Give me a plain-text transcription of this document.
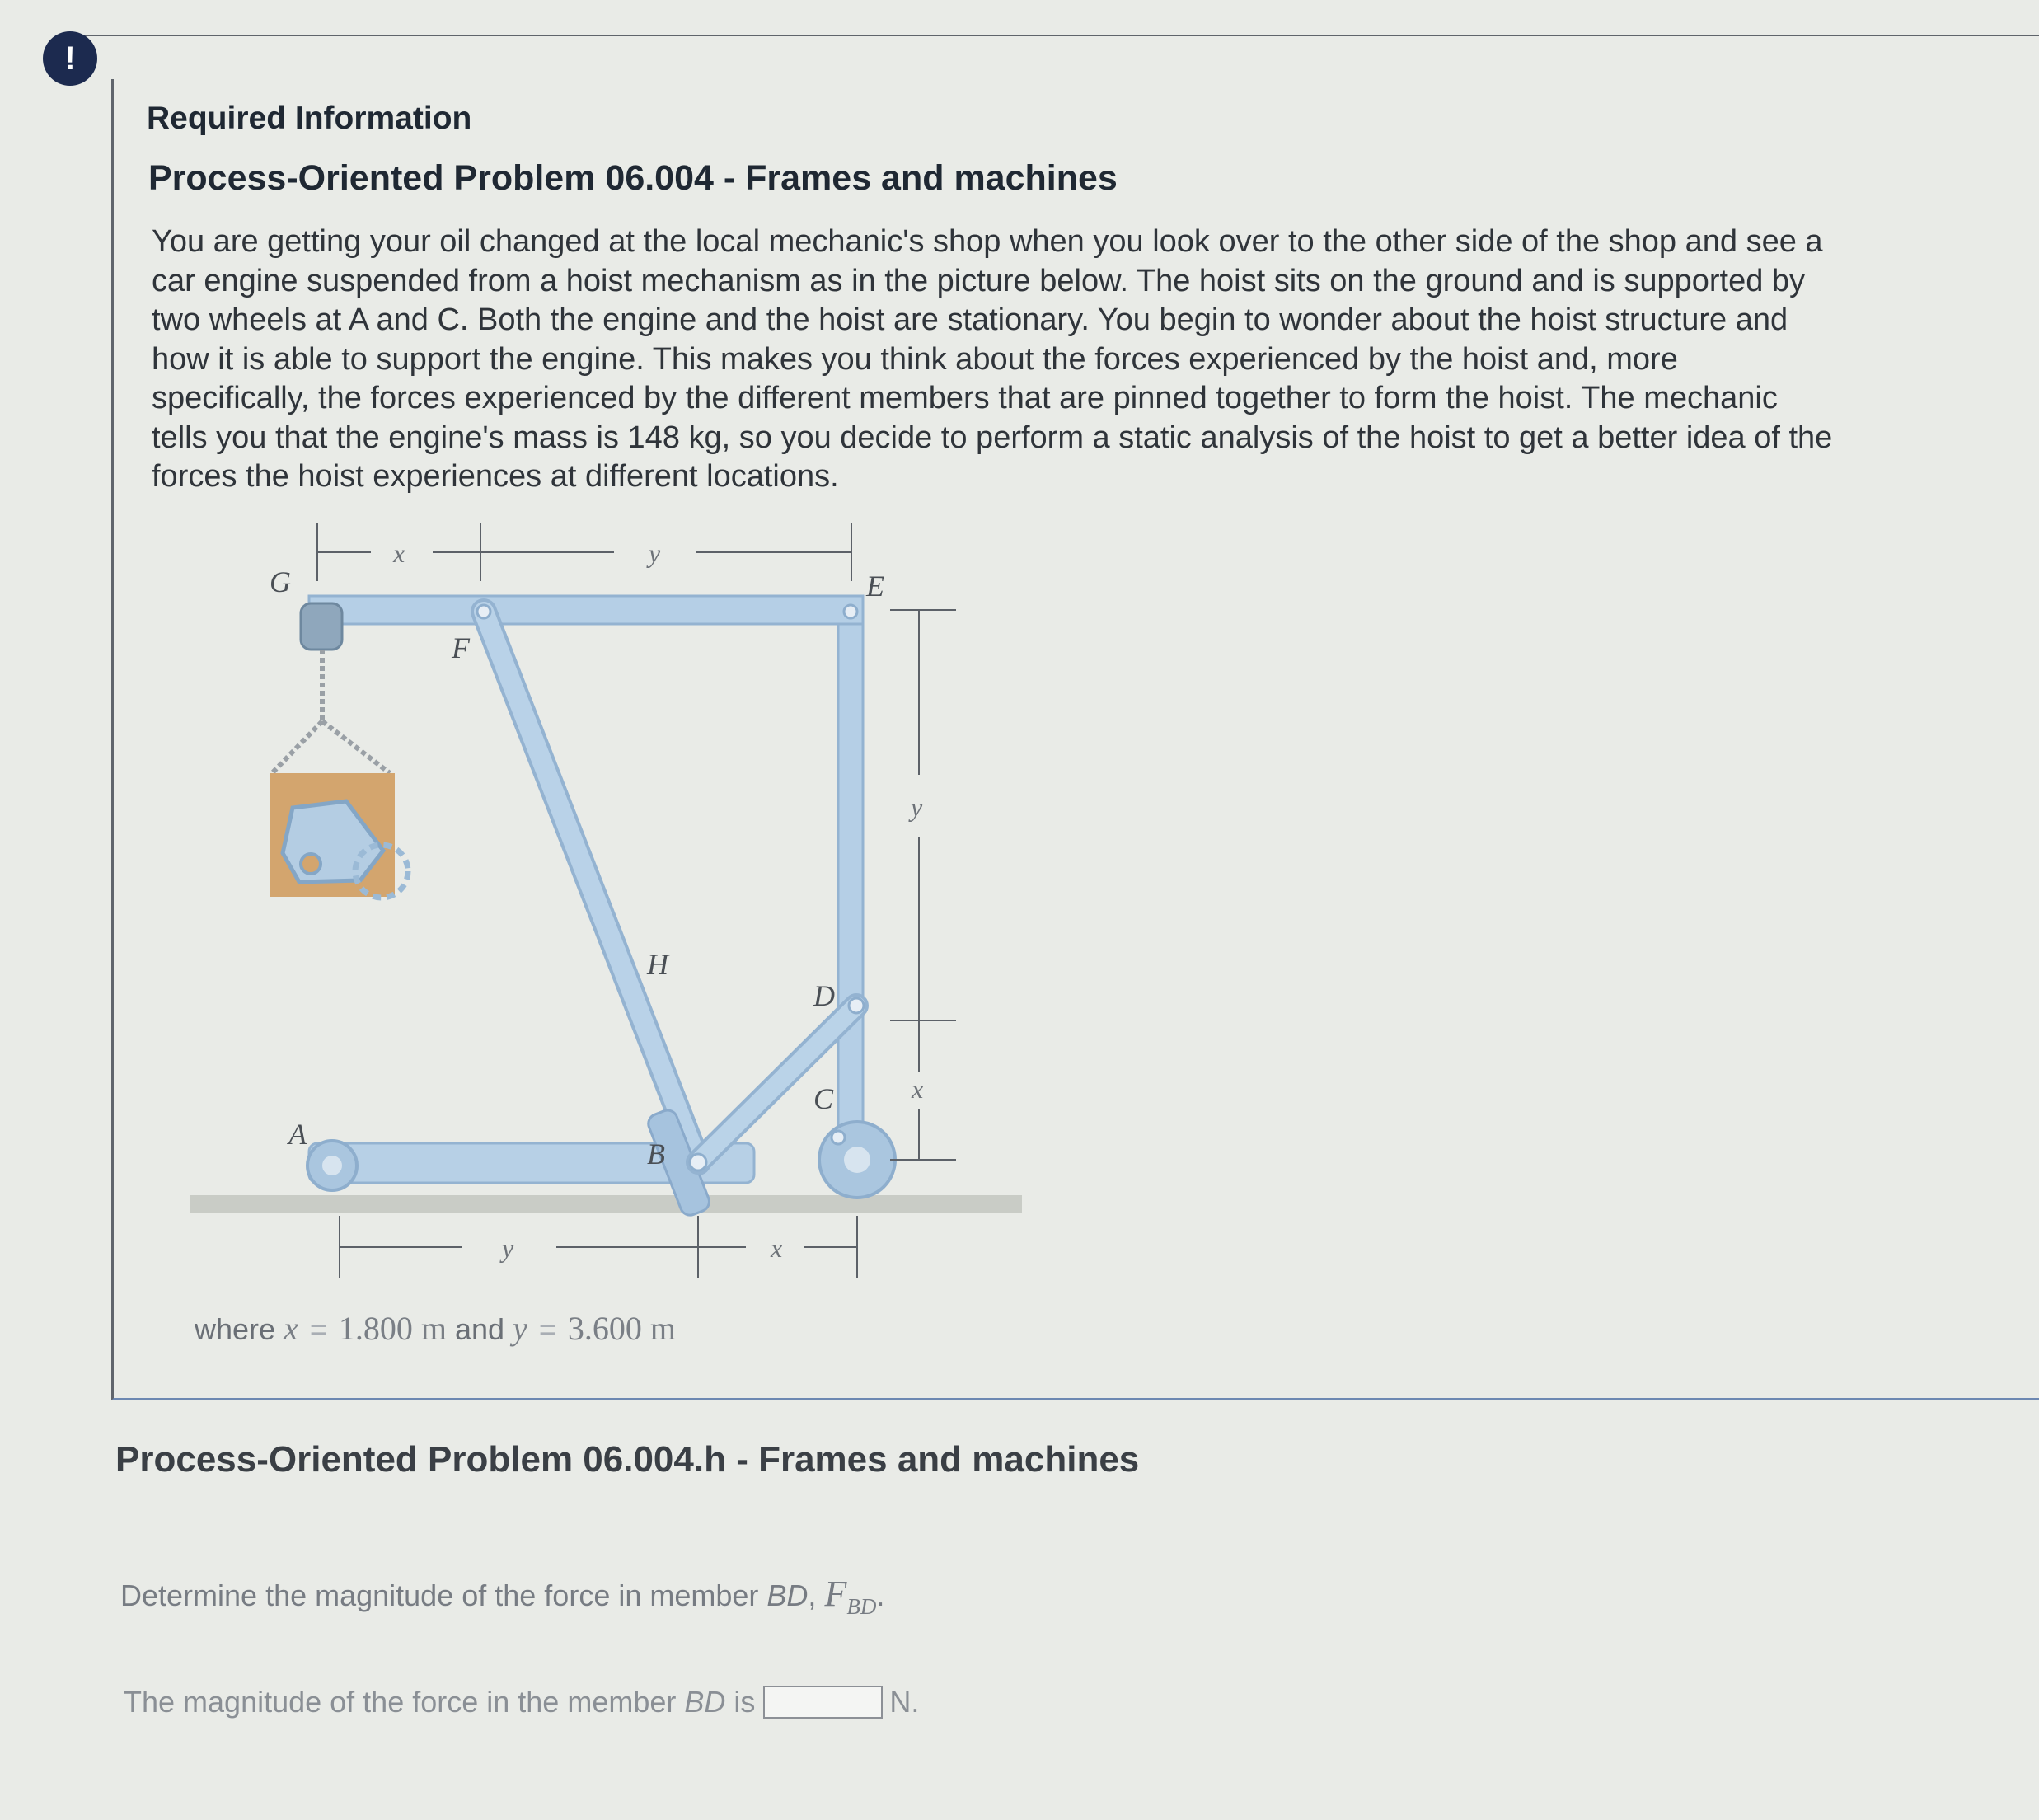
!
Required Information
Process-Oriented Problem 06.004 - Frames and machines
You are getting your oil changed at the local mechanic's shop when you look over to the other side of the shop and see a
car engine suspended from a hoist mechanism as in the picture below. The hoist sits on the ground and is supported by
two wheels at A and C. Both the engine and the hoist are stationary. You begin to wonder about the hoist structure and
how it is able to support the engine. This makes you think about the forces experienced by the hoist and, more
specifically, the forces experienced by the different members that are pinned together to form the hoist. The mechanic
tells you that the engine's mass is 148 kg, so you decide to perform a static analysis of the hoist to get a better idea of the
forces the hoist experiences at different locations.
G
F
E
H
D
C
A
B
x	y
y
x
y	x
where x = 1.800 m and y = 3.600 m
Process-Oriented Problem 06.004.h - Frames and machines
Determine the magnitude of the force in member BD, $F_{BD}$.
The magnitude of the force in the member
BD
is	N.
